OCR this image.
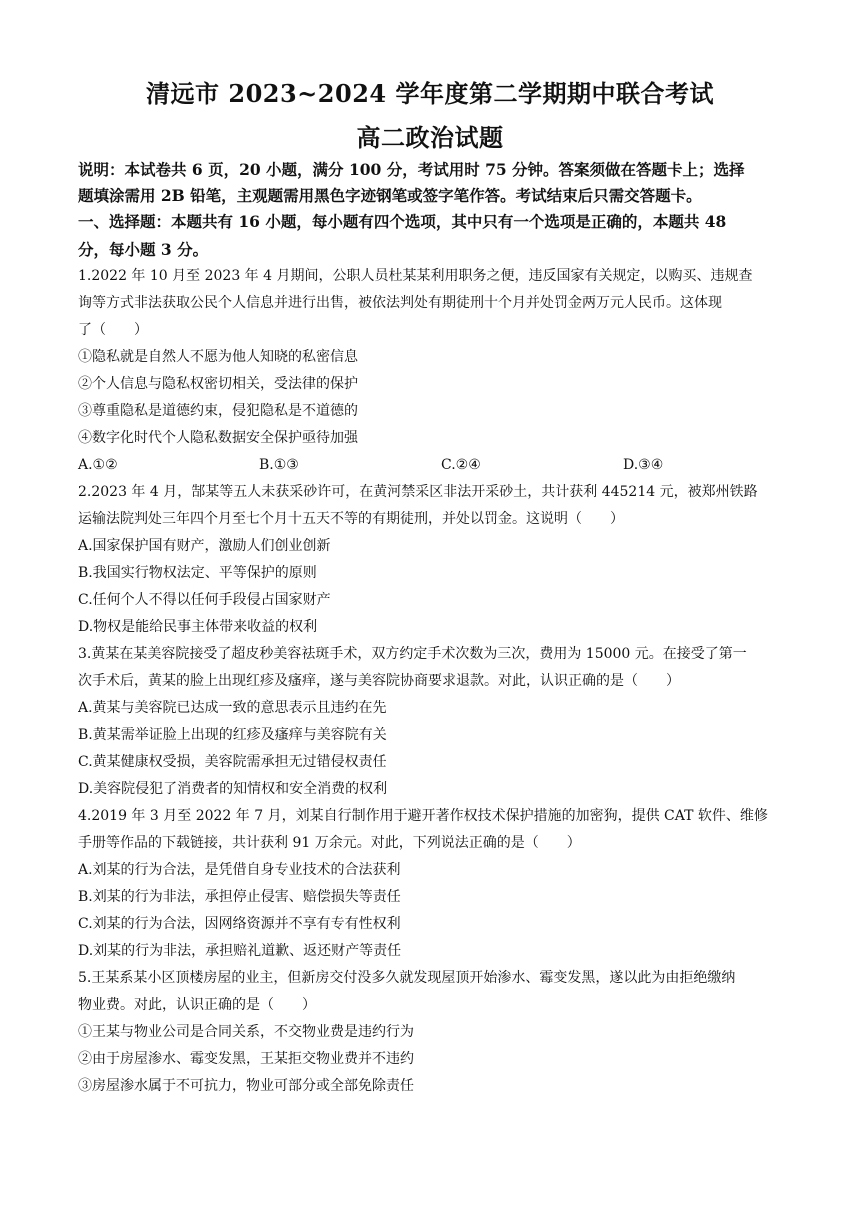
清远市 2023~2024 学年度第二学期期中联合考试
高二政治试题
说明：本试卷共 6 页，20 小题，满分 100 分，考试用时 75 分钟。答案须做在答题卡上；选择
题填涂需用 2B 铅笔，主观题需用黑色字迹钢笔或签字笔作答。考试结束后只需交答题卡。
一、选择题：本题共有 16 小题，每小题有四个选项，其中只有一个选项是正确的，本题共 48
分，每小题 3 分。
1.2022 年 10 月至 2023 年 4 月期间，公职人员杜某某利用职务之便，违反国家有关规定，以购买、违规查
询等方式非法获取公民个人信息并进行出售，被依法判处有期徒刑十个月并处罚金两万元人民币。这体现
了（　　）
①隐私就是自然人不愿为他人知晓的私密信息
②个人信息与隐私权密切相关，受法律的保护
③尊重隐私是道德约束，侵犯隐私是不道德的
④数字化时代个人隐私数据安全保护亟待加强
A.①②	B.①③	C.②④	D.③④
2.2023 年 4 月，郜某等五人未获采砂许可，在黄河禁采区非法开采砂土，共计获利 445214 元，被郑州铁路
运输法院判处三年四个月至七个月十五天不等的有期徒刑，并处以罚金。这说明（　　）
A.国家保护国有财产，激励人们创业创新
B.我国实行物权法定、平等保护的原则
C.任何个人不得以任何手段侵占国家财产
D.物权是能给民事主体带来收益的权利
3.黄某在某美容院接受了超皮秒美容祛斑手术，双方约定手术次数为三次，费用为 15000 元。在接受了第一
次手术后，黄某的脸上出现红疹及瘙痒，遂与美容院协商要求退款。对此，认识正确的是（　　）
A.黄某与美容院已达成一致的意思表示且违约在先
B.黄某需举证脸上出现的红疹及瘙痒与美容院有关
C.黄某健康权受损，美容院需承担无过错侵权责任
D.美容院侵犯了消费者的知情权和安全消费的权利
4.2019 年 3 月至 2022 年 7 月，刘某自行制作用于避开著作权技术保护措施的加密狗，提供 CAT 软件、维修
手册等作品的下载链接，共计获利 91 万余元。对此，下列说法正确的是（　　）
A.刘某的行为合法，是凭借自身专业技术的合法获利
B.刘某的行为非法，承担停止侵害、赔偿损失等责任
C.刘某的行为合法，因网络资源并不享有专有性权利
D.刘某的行为非法，承担赔礼道歉、返还财产等责任
5.王某系某小区顶楼房屋的业主，但新房交付没多久就发现屋顶开始渗水、霉变发黑，遂以此为由拒绝缴纳
物业费。对此，认识正确的是（　　）
①王某与物业公司是合同关系，不交物业费是违约行为
②由于房屋渗水、霉变发黑，王某拒交物业费并不违约
③房屋渗水属于不可抗力，物业可部分或全部免除责任
